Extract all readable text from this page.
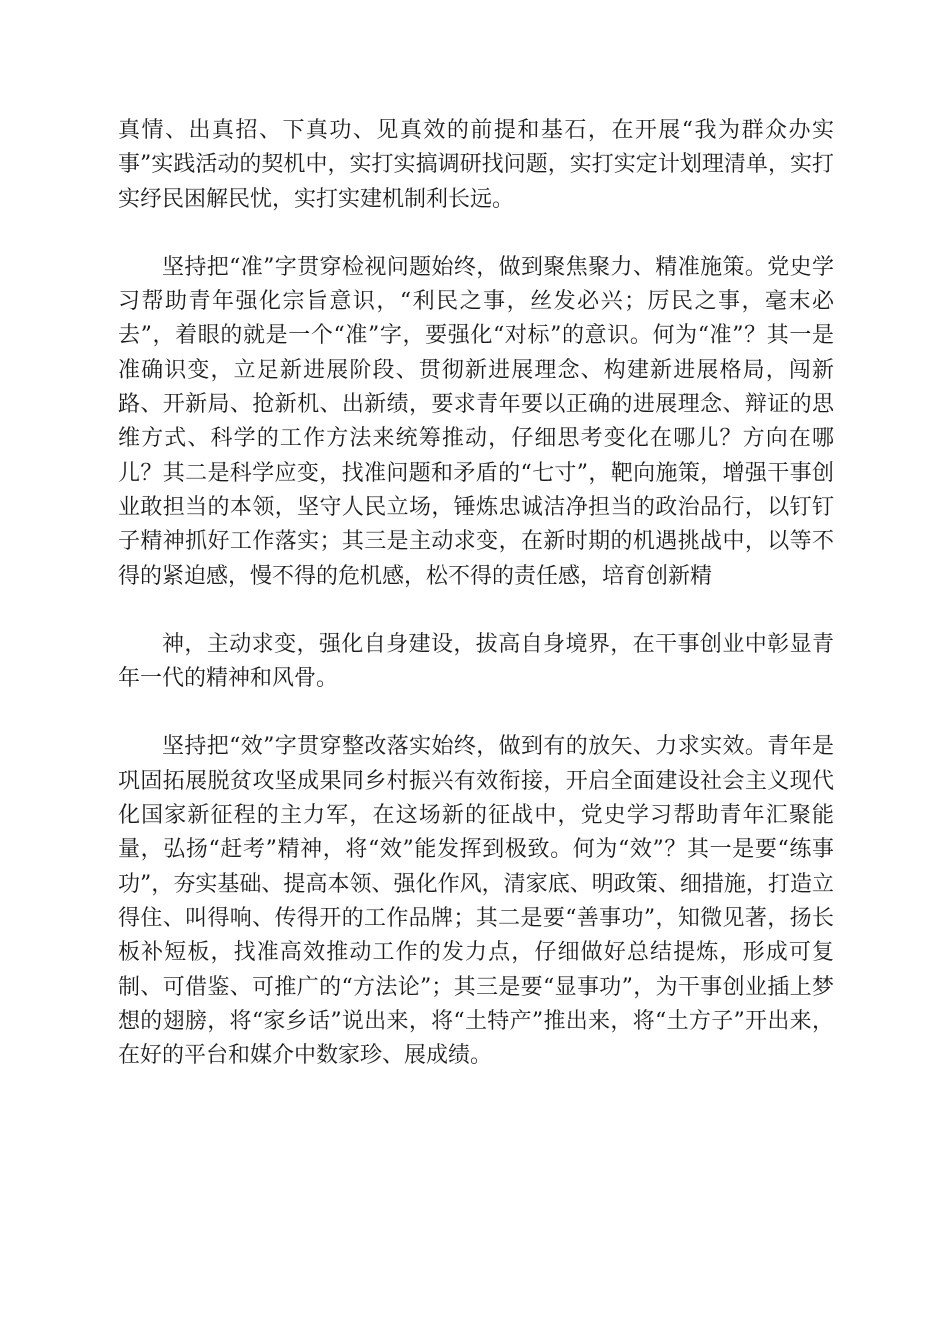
真情、出真招、下真功、见真效的前提和基石，在开展“我为群众办实事”实践活动的契机中，实打实搞调研找问题，实打实定计划理清单，实打实纾民困解民忧，实打实建机制利长远。

坚持把“准”字贯穿检视问题始终，做到聚焦聚力、精准施策。党史学习帮助青年强化宗旨意识，“利民之事，丝发必兴；厉民之事，毫末必去”，着眼的就是一个“准”字，要强化“对标”的意识。何为“准”？其一是准确识变，立足新进展阶段、贯彻新进展理念、构建新进展格局，闯新路、开新局、抢新机、出新绩，要求青年要以正确的进展理念、辩证的思维方式、科学的工作方法来统筹推动，仔细思考变化在哪儿？方向在哪儿？其二是科学应变，找准问题和矛盾的“七寸”，靶向施策，增强干事创业敢担当的本领，坚守人民立场，锤炼忠诚洁净担当的政治品行，以钉钉子精神抓好工作落实；其三是主动求变，在新时期的机遇挑战中，以等不得的紧迫感，慢不得的危机感，松不得的责任感，培育创新精

神，主动求变，强化自身建设，拔高自身境界，在干事创业中彰显青年一代的精神和风骨。

坚持把“效”字贯穿整改落实始终，做到有的放矢、力求实效。青年是巩固拓展脱贫攻坚成果同乡村振兴有效衔接，开启全面建设社会主义现代化国家新征程的主力军，在这场新的征战中，党史学习帮助青年汇聚能量，弘扬“赶考”精神，将“效”能发挥到极致。何为“效”？其一是要“练事功”，夯实基础、提高本领、强化作风，清家底、明政策、细措施，打造立得住、叫得响、传得开的工作品牌；其二是要“善事功”，知微见著，扬长板补短板，找准高效推动工作的发力点，仔细做好总结提炼，形成可复制、可借鉴、可推广的“方法论”；其三是要“显事功”，为干事创业插上梦想的翅膀，将“家乡话”说出来，将“土特产”推出来，将“土方子”开出来，在好的平台和媒介中数家珍、展成绩。
